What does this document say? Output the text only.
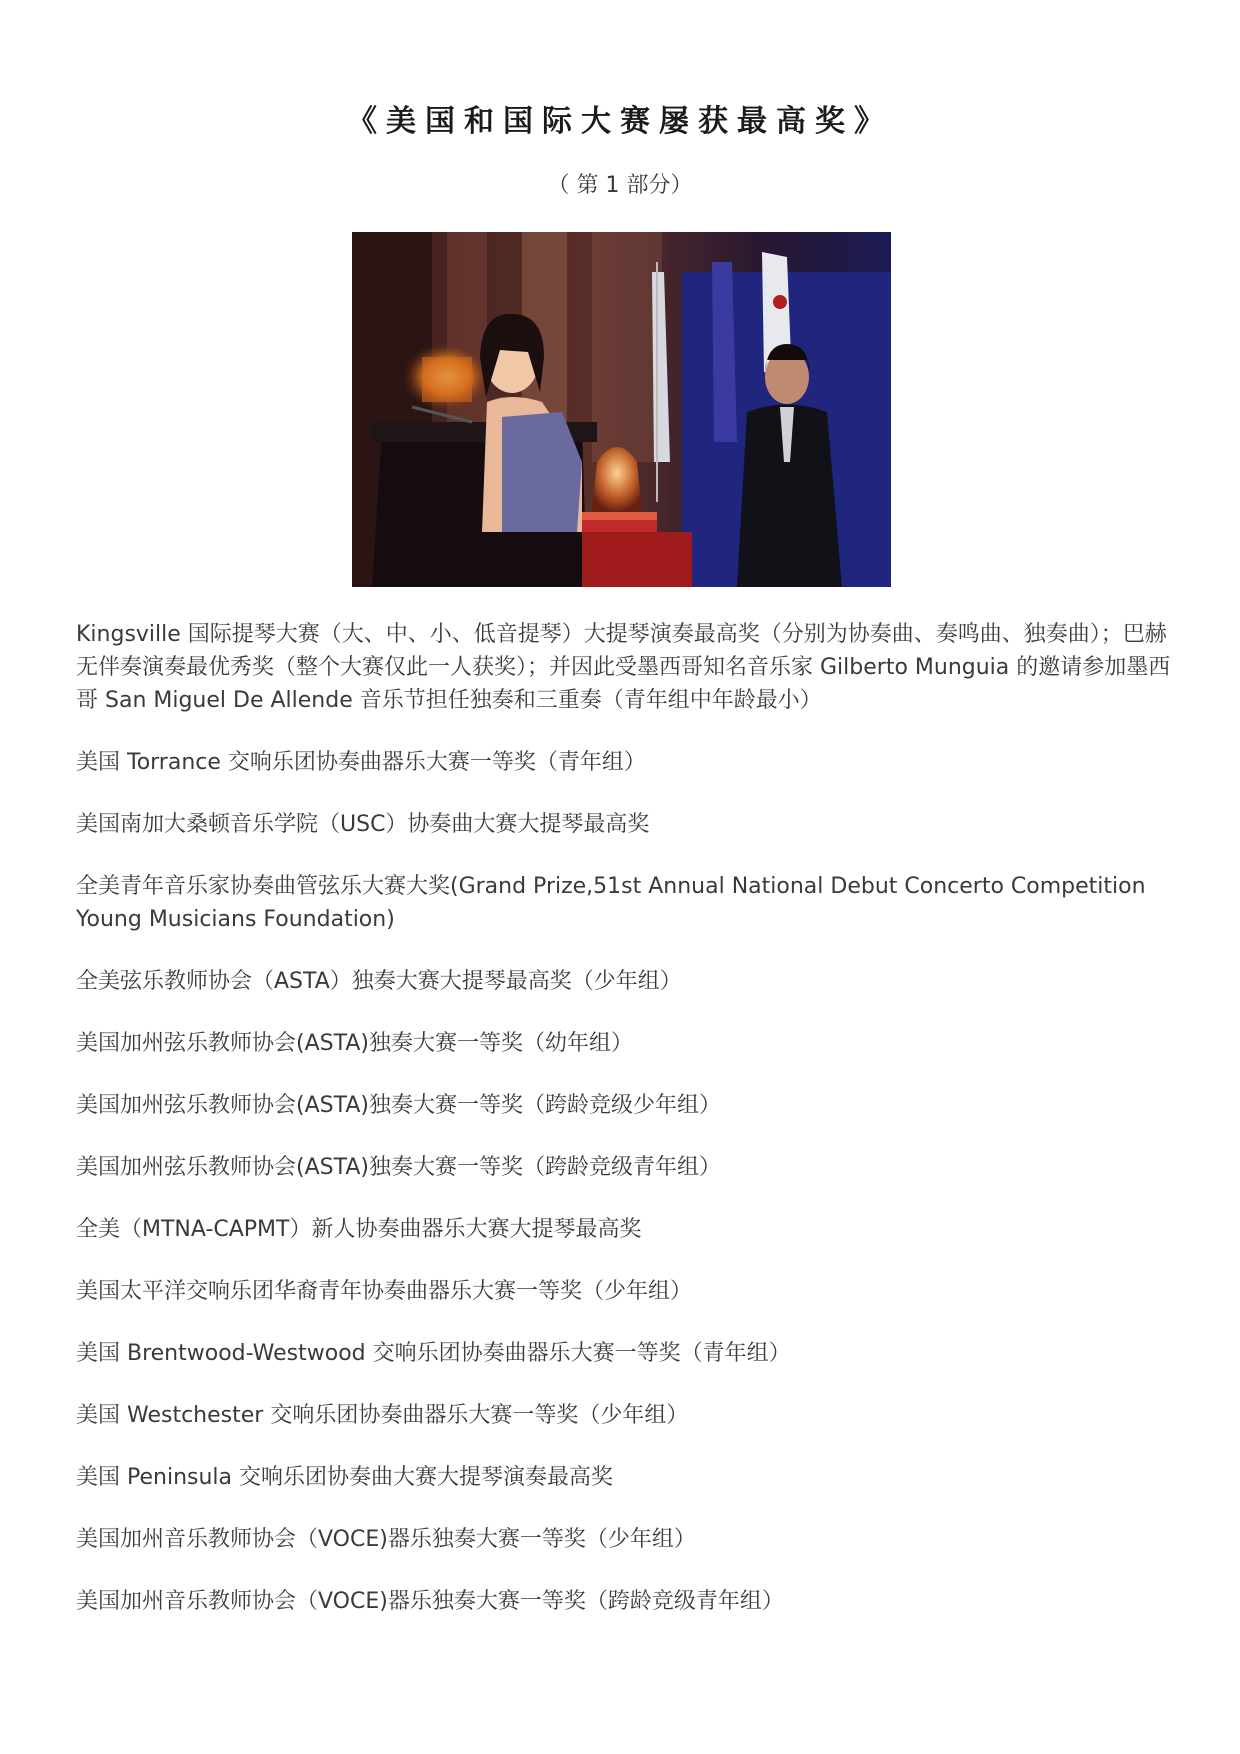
《美国和国际大赛屡获最高奖》
（ 第 1 部分）

Kingsville 国际提琴大赛（大、中、小、低音提琴）大提琴演奏最高奖（分别为协奏曲、奏鸣曲、独奏曲）；巴赫无伴奏演奏最优秀奖（整个大赛仅此一人获奖）；并因此受墨西哥知名音乐家 Gilberto Munguia 的邀请参加墨西哥 San Miguel De Allende 音乐节担任独奏和三重奏（青年组中年龄最小）

美国 Torrance 交响乐团协奏曲器乐大赛一等奖（青年组）

美国南加大桑顿音乐学院（USC）协奏曲大赛大提琴最高奖

全美青年音乐家协奏曲管弦乐大赛大奖(Grand Prize,51st Annual National Debut Concerto Competition Young Musicians Foundation)

全美弦乐教师协会（ASTA）独奏大赛大提琴最高奖（少年组）

美国加州弦乐教师协会(ASTA)独奏大赛一等奖（幼年组）

美国加州弦乐教师协会(ASTA)独奏大赛一等奖（跨龄竞级少年组）

美国加州弦乐教师协会(ASTA)独奏大赛一等奖（跨龄竞级青年组）

全美（MTNA-CAPMT）新人协奏曲器乐大赛大提琴最高奖

美国太平洋交响乐团华裔青年协奏曲器乐大赛一等奖（少年组）

美国 Brentwood-Westwood 交响乐团协奏曲器乐大赛一等奖（青年组）

美国 Westchester 交响乐团协奏曲器乐大赛一等奖（少年组）

美国 Peninsula 交响乐团协奏曲大赛大提琴演奏最高奖

美国加州音乐教师协会（VOCE)器乐独奏大赛一等奖（少年组）

美国加州音乐教师协会（VOCE)器乐独奏大赛一等奖（跨龄竞级青年组）
